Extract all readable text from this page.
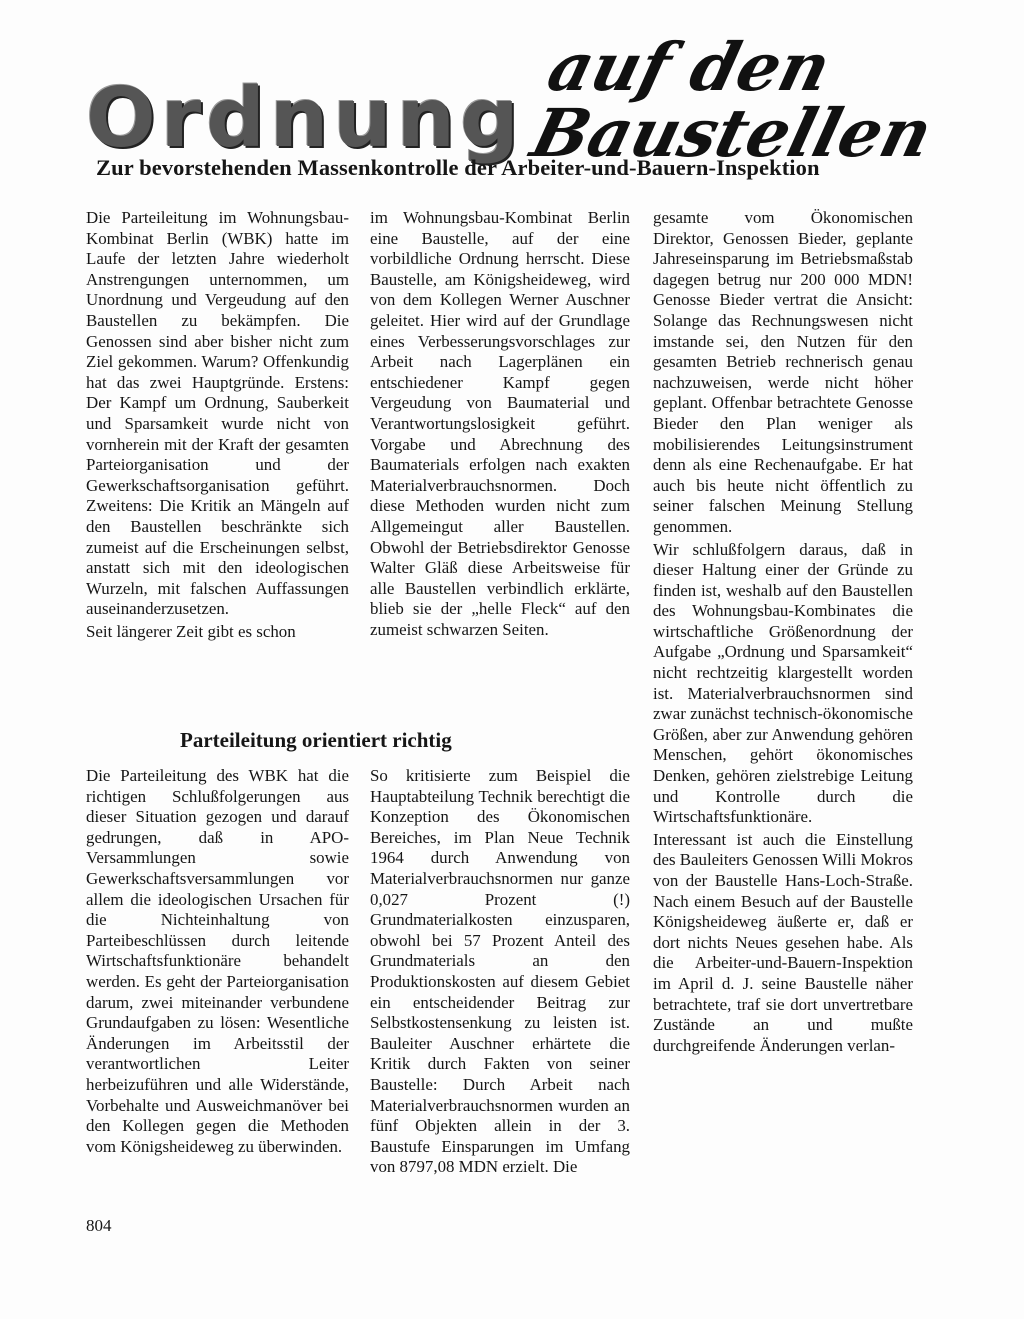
Ordnung
auf den Baustellen
Zur bevorstehenden Massenkontrolle der Arbeiter-und-Bauern-Inspektion

Die Parteileitung im Wohnungsbau-Kombinat Berlin (WBK) hatte im Laufe der letzten Jahre wiederholt Anstrengungen unternommen, um Unordnung und Vergeudung auf den Baustellen zu bekämpfen. Die Genossen sind aber bisher nicht zum Ziel gekommen. Warum? Offenkundig hat das zwei Hauptgründe. Erstens: Der Kampf um Ordnung, Sauberkeit und Sparsamkeit wurde nicht von vornherein mit der Kraft der gesamten Parteiorganisation und der Gewerkschaftsorganisation geführt. Zweitens: Die Kritik an Mängeln auf den Baustellen beschränkte sich zumeist auf die Erscheinungen selbst, anstatt sich mit den ideologischen Wurzeln, mit falschen Auffassungen auseinanderzusetzen.

Seit längerer Zeit gibt es schon

im Wohnungsbau-Kombinat Berlin eine Baustelle, auf der eine vorbildliche Ordnung herrscht. Diese Baustelle, am Königsheideweg, wird von dem Kollegen Werner Auschner geleitet. Hier wird auf der Grundlage eines Verbesserungsvorschlages zur Arbeit nach Lagerplänen ein entschiedener Kampf gegen Vergeudung von Baumaterial und Verantwortungslosigkeit geführt. Vorgabe und Abrechnung des Baumaterials erfolgen nach exakten Materialverbrauchsnormen. Doch diese Methoden wurden nicht zum Allgemeingut aller Baustellen. Obwohl der Betriebsdirektor Genosse Walter Gläß diese Arbeitsweise für alle Baustellen verbindlich erklärte, blieb sie der „helle Fleck“ auf den zumeist schwarzen Seiten.

gesamte vom Ökonomischen Direktor, Genossen Bieder, geplante Jahreseinsparung im Betriebsmaßstab dagegen betrug nur 200 000 MDN! Genosse Bieder vertrat die Ansicht: Solange das Rechnungswesen nicht imstande sei, den Nutzen für den gesamten Betrieb rechnerisch genau nachzuweisen, werde nicht höher geplant. Offenbar betrachtete Genosse Bieder den Plan weniger als mobilisierendes Leitungsinstrument denn als eine Rechenaufgabe. Er hat auch bis heute nicht öffentlich zu seiner falschen Meinung Stellung genommen.

Wir schlußfolgern daraus, daß in dieser Haltung einer der Gründe zu finden ist, weshalb auf den Baustellen des Wohnungsbau-Kombinates die wirtschaftliche Größenordnung der Aufgabe „Ordnung und Sparsamkeit“ nicht rechtzeitig klargestellt worden ist. Materialverbrauchsnormen sind zwar zunächst technisch-ökonomische Größen, aber zur Anwendung gehören Menschen, gehört ökonomisches Denken, gehören zielstrebige Leitung und Kontrolle durch die Wirtschaftsfunktionäre.

Interessant ist auch die Einstellung des Bauleiters Genossen Willi Mokros von der Baustelle Hans-Loch-Straße. Nach einem Besuch auf der Baustelle Königsheideweg äußerte er, daß er dort nichts Neues gesehen habe. Als die Arbeiter-und-Bauern-Inspektion im April d. J. seine Baustelle näher betrachtete, traf sie dort unvertretbare Zustände an und mußte durchgreifende Änderungen verlan-

Parteileitung orientiert richtig

Die Parteileitung des WBK hat die richtigen Schlußfolgerungen aus dieser Situation gezogen und darauf gedrungen, daß in APO-Versammlungen sowie Gewerkschaftsversammlungen vor allem die ideologischen Ursachen für die Nichteinhaltung von Parteibeschlüssen durch leitende Wirtschaftsfunktionäre behandelt werden. Es geht der Parteiorganisation darum, zwei miteinander verbundene Grundaufgaben zu lösen: Wesentliche Änderungen im Arbeitsstil der verantwortlichen Leiter herbeizuführen und alle Widerstände, Vorbehalte und Ausweichmanöver bei den Kollegen gegen die Methoden vom Königsheideweg zu überwinden.

So kritisierte zum Beispiel die Hauptabteilung Technik berechtigt die Konzeption des Ökonomischen Bereiches, im Plan Neue Technik 1964 durch Anwendung von Materialverbrauchsnormen nur ganze 0,027 Prozent (!) Grundmaterialkosten einzusparen, obwohl bei 57 Prozent Anteil des Grundmaterials an den Produktionskosten auf diesem Gebiet ein entscheidender Beitrag zur Selbstkostensenkung zu leisten ist. Bauleiter Auschner erhärtete die Kritik durch Fakten von seiner Baustelle: Durch Arbeit nach Materialverbrauchsnormen wurden an fünf Objekten allein in der 3. Baustufe Einsparungen im Umfang von 8797,08 MDN erzielt. Die

804
